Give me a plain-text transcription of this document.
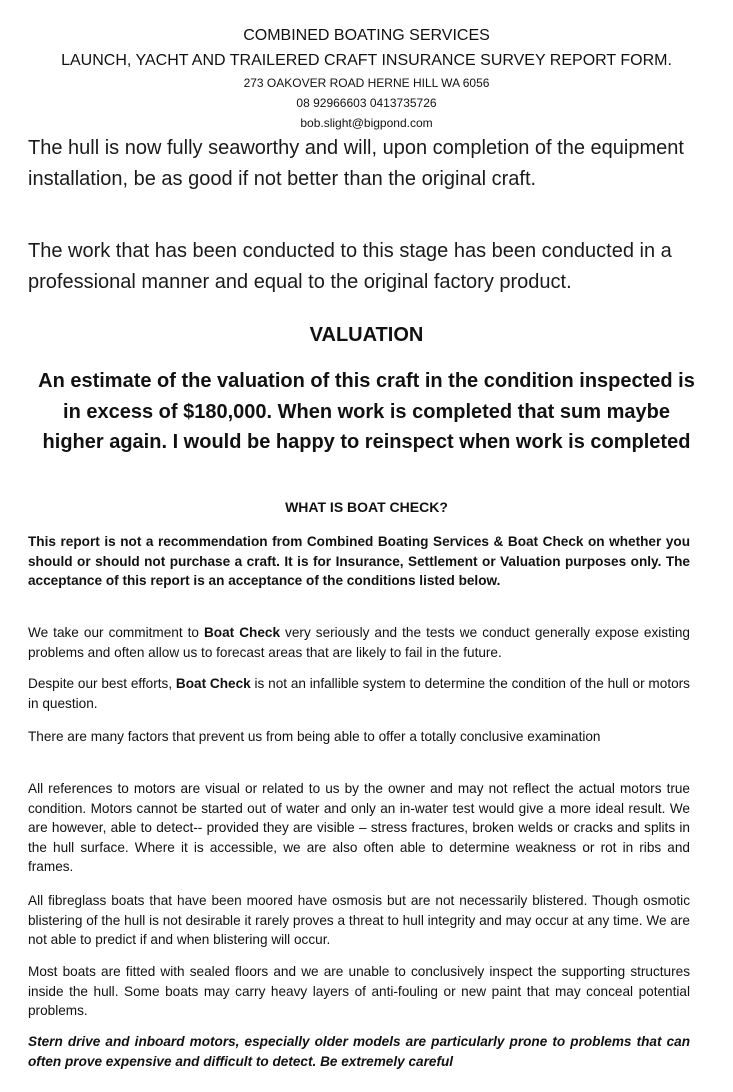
COMBINED BOATING SERVICES
LAUNCH, YACHT AND TRAILERED CRAFT INSURANCE SURVEY REPORT FORM.
273 OAKOVER ROAD HERNE HILL WA 6056
08 92966603 0413735726
bob.slight@bigpond.com

The hull is now fully seaworthy and will, upon completion of the equipment installation, be as good if not better than the original craft.

The work that has been conducted to this stage has been conducted in a professional manner and equal to the original factory product.

VALUATION

An estimate of the valuation of this craft in the condition inspected is in excess of $180,000. When work is completed that sum maybe higher again. I would be happy to reinspect when work is completed

WHAT IS BOAT CHECK?

This report is not a recommendation from Combined Boating Services & Boat Check on whether you should or should not purchase a craft. It is for Insurance, Settlement or Valuation purposes only. The acceptance of this report is an acceptance of the conditions listed below.

We take our commitment to Boat Check very seriously and the tests we conduct generally expose existing problems and often allow us to forecast areas that are likely to fail in the future.

Despite our best efforts, Boat Check is not an infallible system to determine the condition of the hull or motors in question.

There are many factors that prevent us from being able to offer a totally conclusive examination

All references to motors are visual or related to us by the owner and may not reflect the actual motors true condition. Motors cannot be started out of water and only an in-water test would give a more ideal result. We are however, able to detect-- provided they are visible – stress fractures, broken welds or cracks and splits in the hull surface. Where it is accessible, we are also often able to determine weakness or rot in ribs and frames.

All fibreglass boats that have been moored have osmosis but are not necessarily blistered. Though osmotic blistering of the hull is not desirable it rarely proves a threat to hull integrity and may occur at any time. We are not able to predict if and when blistering will occur.

Most boats are fitted with sealed floors and we are unable to conclusively inspect the supporting structures inside the hull. Some boats may carry heavy layers of anti-fouling or new paint that may conceal potential problems.

Stern drive and inboard motors, especially older models are particularly prone to problems that can often prove expensive and difficult to detect. Be extremely careful
